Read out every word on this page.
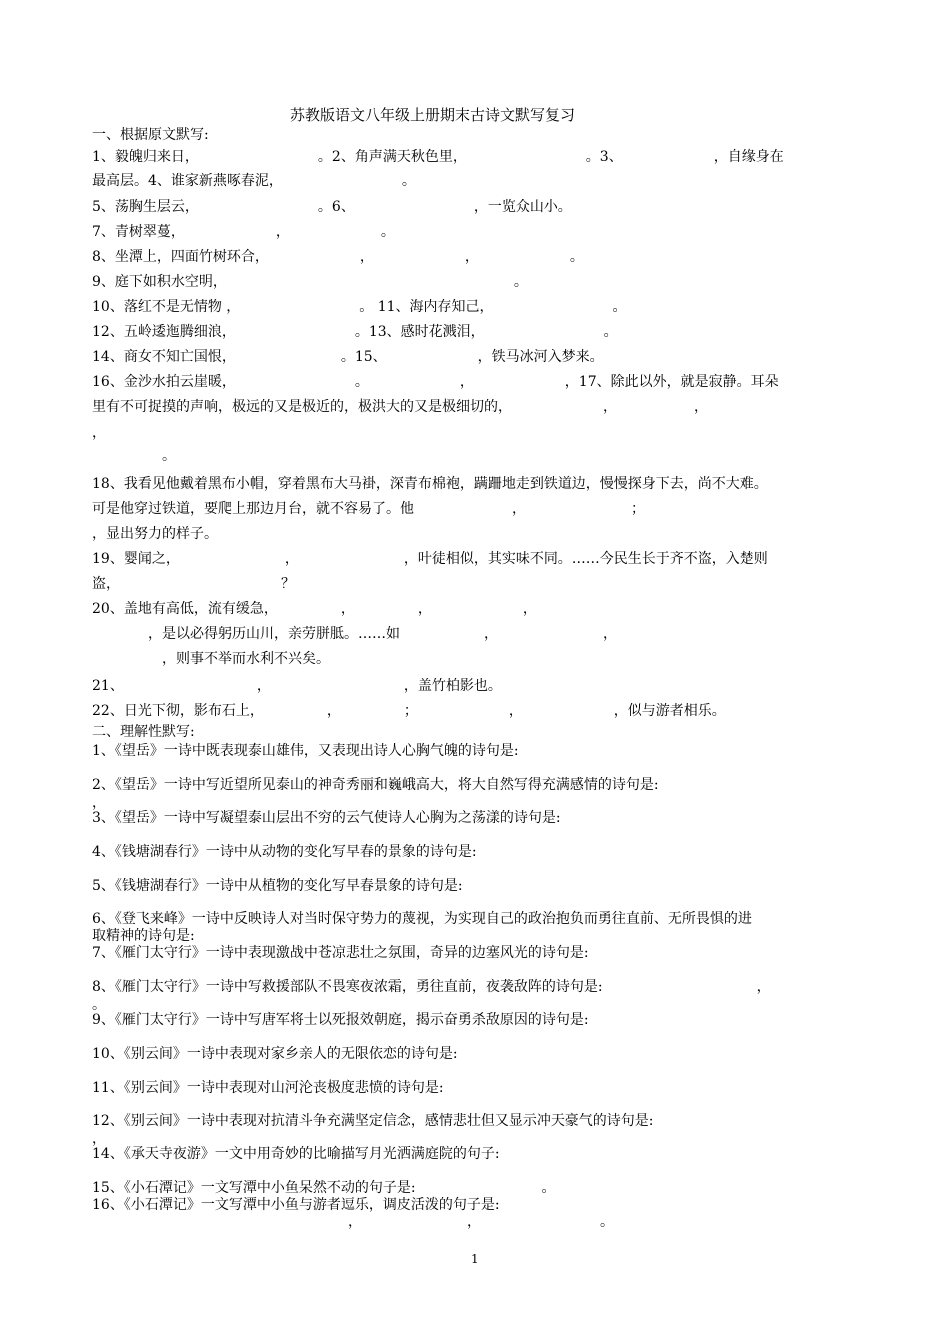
苏教版语文八年级上册期末古诗文默写复习
一、根据原文默写:
1、毅魄归来日，　　　　　　　　　。2、角声满天秋色里，　　　　　　　　　。3、　　　　　　　，自缘身在
最高层。4、谁家新燕啄春泥，　　　　　　　　　。
5、荡胸生层云，　　　　　　　　　。6、　　　　　　　　　，一览众山小。
7、青树翠蔓，　　　　　　　，　　　　　　　。
8、坐潭上，四面竹树环合，　　　　　　　，　　　　　　　，　　　　　　　。
9、庭下如积水空明，　　　　　　　　　　　　　　　　　　　　　。
10、落红不是无情物 ，　　　　　　　　　。 11、海内存知己，　　　　　　　　　。
12、五岭逶迤腾细浪，　　　　　　　　　。13、感时花溅泪，　　　　　　　　　。
14、商女不知亡国恨，　　　　　　　　。15、　　　　　　　，铁马冰河入梦来。
16、金沙水拍云崖暖，　　　　　　　　　。　　　　　　　，　　　　　　　，17、除此以外，就是寂静。耳朵
里有不可捉摸的声响，极远的又是极近的，极洪大的又是极细切的，　　　　　　　，　　　　　　，
，
　　　　　。
18、我看见他戴着黑布小帽，穿着黑布大马褂，深青布棉袍，蹒跚地走到铁道边，慢慢探身下去，尚不大难。
可是他穿过铁道，要爬上那边月台，就不容易了。他　　　　　　　，　　　　　　　　；
，显出努力的样子。
19、婴闻之，　　　　　　　　，　　　　　　　　，叶徒相似，其实味不同。……今民生长于齐不盗，入楚则
盗，　　　　　　　　　　　　？
20、盖地有高低，流有缓急，　　　　　，　　　　　，　　　　　　　，
　　　　，是以必得躬历山川，亲劳胼胝。……如　　　　　　，　　　　　　　　，
　　　　　，则事不举而水利不兴矣。
21、　　　　　　　　　　，　　　　　　　　　　，盖竹柏影也。
22、日光下彻，影布石上，　　　　　，　　　　　；　　　　　　　，　　　　　　　，似与游者相乐。
二、理解性默写:
1、《望岳》一诗中既表现泰山雄伟，又表现出诗人心胸气魄的诗句是:
2、《望岳》一诗中写近望所见泰山的神奇秀丽和巍峨高大，将大自然写得充满感情的诗句是:
，
3、《望岳》一诗中写凝望泰山层出不穷的云气使诗人心胸为之荡漾的诗句是:
4、《钱塘湖春行》一诗中从动物的变化写早春的景象的诗句是:
5、《钱塘湖春行》一诗中从植物的变化写早春景象的诗句是:
6、《登飞来峰》一诗中反映诗人对当时保守势力的蔑视，为实现自己的政治抱负而勇往直前、无所畏惧的进
取精神的诗句是:
7、《雁门太守行》一诗中表现激战中苍凉悲壮之氛围，奇异的边塞风光的诗句是:
8、《雁门太守行》一诗中写救援部队不畏寒夜浓霜，勇往直前，夜袭敌阵的诗句是:　　　　　　　　　　　，
。
9、《雁门太守行》一诗中写唐军将士以死报效朝庭，揭示奋勇杀敌原因的诗句是:
10、《别云间》一诗中表现对家乡亲人的无限依恋的诗句是:
11、《别云间》一诗中表现对山河沦丧极度悲愤的诗句是:
12、《别云间》一诗中表现对抗清斗争充满坚定信念，感情悲壮但又显示冲天豪气的诗句是:
，
14、《承天寺夜游》一文中用奇妙的比喻描写月光洒满庭院的句子:
15、《小石潭记》一文写潭中小鱼呆然不动的句子是:　　　　　　　　　。
16、《小石潭记》一文写潭中小鱼与游者逗乐，调皮活泼的句子是:
　　　　　　　　，　　　　　　　　，　　　　　　　　　。
1
